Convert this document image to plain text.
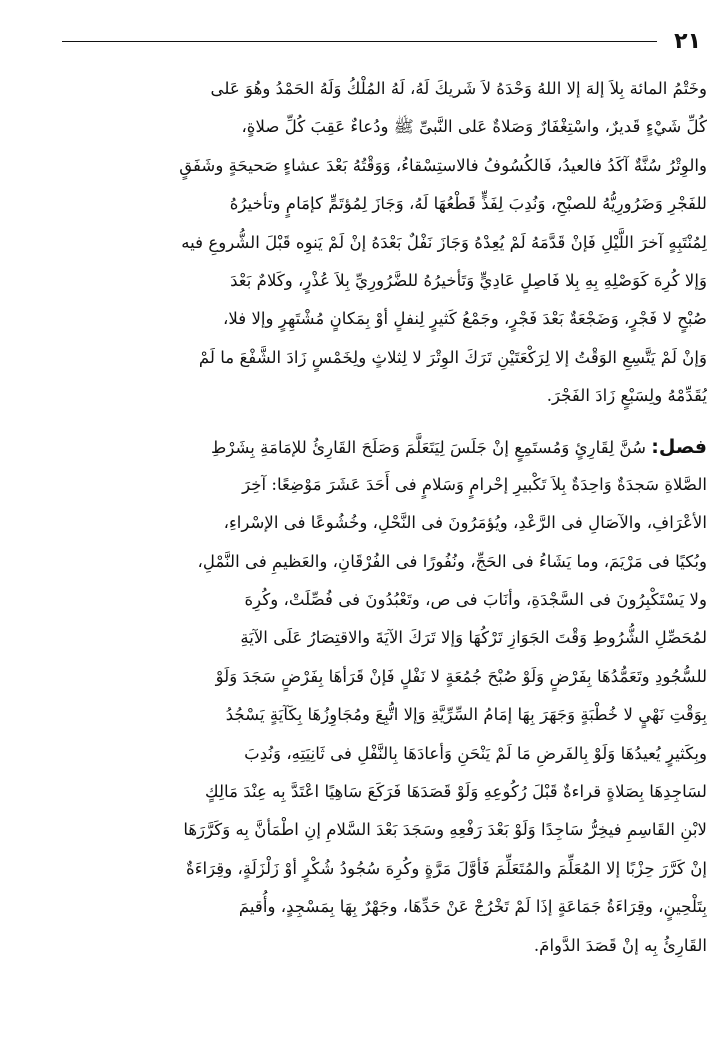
٢١
وخَتْمُ المائة بِلاَ إلهَ إلا اللهُ وَحْدَهُ لاَ شَريكَ لَهُ، لَهُ المُلْكُ وَلَهُ الحَمْدُ وهُوَ عَلى
كُلِّ شَيْءٍ قَديرٌ، واسْتِغْفَارٌ وَصَلاةٌ عَلى النَّبىِّ ﷺ ودُعاءٌ عَقِبَ كُلِّ صلاةٍ،
والوِتْرُ سُنَّةٌ آكَدُ فالعيدُ، فَالكُسُوفُ فالاستِسْقاءُ، وَوَقْتُهُ بَعْدَ عشاءٍ صَحيحَةٍ وشَفَقٍ
للفَجْرِ وَضَرُورِيُّهُ للصبْحِ، وَنُدِبَ لِفَذٍّ قَطْعُهَا لَهُ، وَجَازَ لِمُؤتَمٍّ كإمَامٍ وتأخيرُهُ
لِمُنْتَبِهٍ آخرَ اللَّيْلِ فَإنْ قَدَّمَهُ لَمْ يُعِدْهُ وَجَازَ نَفْلٌ بَعْدَهُ إنْ لَمْ يَنوِه قَبْلَ الشُّروعِ فيه
وَإلا كُرِهَ كَوَصْلِهِ بِهِ بِلا فَاصِلٍ عَادِيٍّ وَتَأخيرُهُ للضَّرُورِيِّ بِلاَ عُذْرٍ، وكَلامٌ بَعْدَ
صُبْحٍ لا فَجْرٍ، وَضَجْعَةٌ بَعْدَ فَجْرٍ، وجَمْعُ كَثيرٍ لِنفلٍ أوْ بِمَكانٍ مُشْتَهِرٍ وإلا فلا،
وَإنْ لَمْ يَتَّسِعِ الوَقْتُ إلا لِرَكْعَتَيْنِ تَرَكَ الوِتْرَ لا لِثلاثٍ ولِخَمْسٍ زَادَ الشَّفْعَ ما لَمْ
يُقَدِّمْهُ ولِسَبْعٍ زَادَ الفَجْرَ.
فصل: سُنَّ لِقَارِئٍ وَمُستَمِعٍ إنْ جَلَسَ لِيَتَعَلَّمَ وَصَلَحَ القَارِئُ للإمَامَةِ بِشَرْطِ
الصَّلاةِ سَجدَةٌ وَاحِدَةٌ بِلاَ تَكْبيرِ إحْرامٍ وَسَلامٍ فى أَحَدَ عَشَرَ مَوْضِعًا: آخِرَ
الأعْرَافِ، والآصَالِ فى الرَّعْدِ، ويُؤمَرُونَ فى النَّحْلِ، وخُشُوعًا فى الإسْراءِ،
وبُكيًا فى مَرْيَمَ، وما يَشَاءُ فى الحَجِّ، ونُفُورًا فى الفُرْقَانِ، والعَظيمِ فى النَّمْلِ،
ولا يَسْتَكْبِرُونَ فى السَّجْدَةِ، وأنَابَ فى ص، وتَعْبُدُونَ فى فُصِّلَتْ، وكُرِهَ
لمُحَصِّلِ الشُّرُوطِ وَقْتَ الجَوَازِ تَرْكُهَا وَإلا تَرَكَ الآيَةَ والاقتِصَارُ عَلَى الآيَةِ
للسُّجُودِ وتَعَمُّدُهَا بِفَرْضٍ وَلَوْ صُبْحَ جُمُعَةٍ لا نَفْلٍ فَإنْ قَرَأهَا بِفَرْضٍ سَجَدَ وَلَوْ
بِوَقْتِ نَهْيٍ لا خُطْبَةٍ وَجَهَرَ بِهَا إمَامُ السِّرِّيَّةِ وَإلا اتُّبِعَ ومُجَاوِزُهَا بِكَآيَةٍ يَسْجُدُ
وبِكَثيرٍ يُعيدُهَا وَلَوْ بِالفَرضِ مَا لَمْ يَنْحَنِ وَأعادَهَا بِالنَّفْلِ فى ثَانِيَتِهِ، وَنُدِبَ
لسَاجِدِهَا بِصَلاةٍ قراءةٌ قَبْلَ رُكُوعِهِ وَلَوْ قَصَدَهَا فَرَكَعَ سَاهِيًا اعْتَدَّ بِه عِنْدَ مَالِكٍ
لابْنِ القَاسِمِ فيخِرُّ سَاجِدًا وَلَوْ بَعْدَ رَفْعِهِ وسَجَدَ بَعْدَ السَّلامِ إنِ اطْمَأنَّ بِه وَكَرَّرَهَا
إنْ كَرَّرَ حِزْبًا إلا المُعَلِّمَ والمُتَعَلِّمَ فَأوَّلَ مَرَّةٍ وكُرِهَ سُجُودُ شُكْرٍ أوْ زَلْزَلَةٍ، وقِرَاءَةٌ
بِتَلْحِينٍ، وقِرَاءَةُ جَمَاعَةٍ إذَا لَمْ تَخْرُجْ عَنْ حَدِّهَا، وجَهْرٌ بِهَا بِمَسْجِدٍ، وأُقيمَ
القَارِئُ بِه إنْ قَصَدَ الدَّوامَ.
